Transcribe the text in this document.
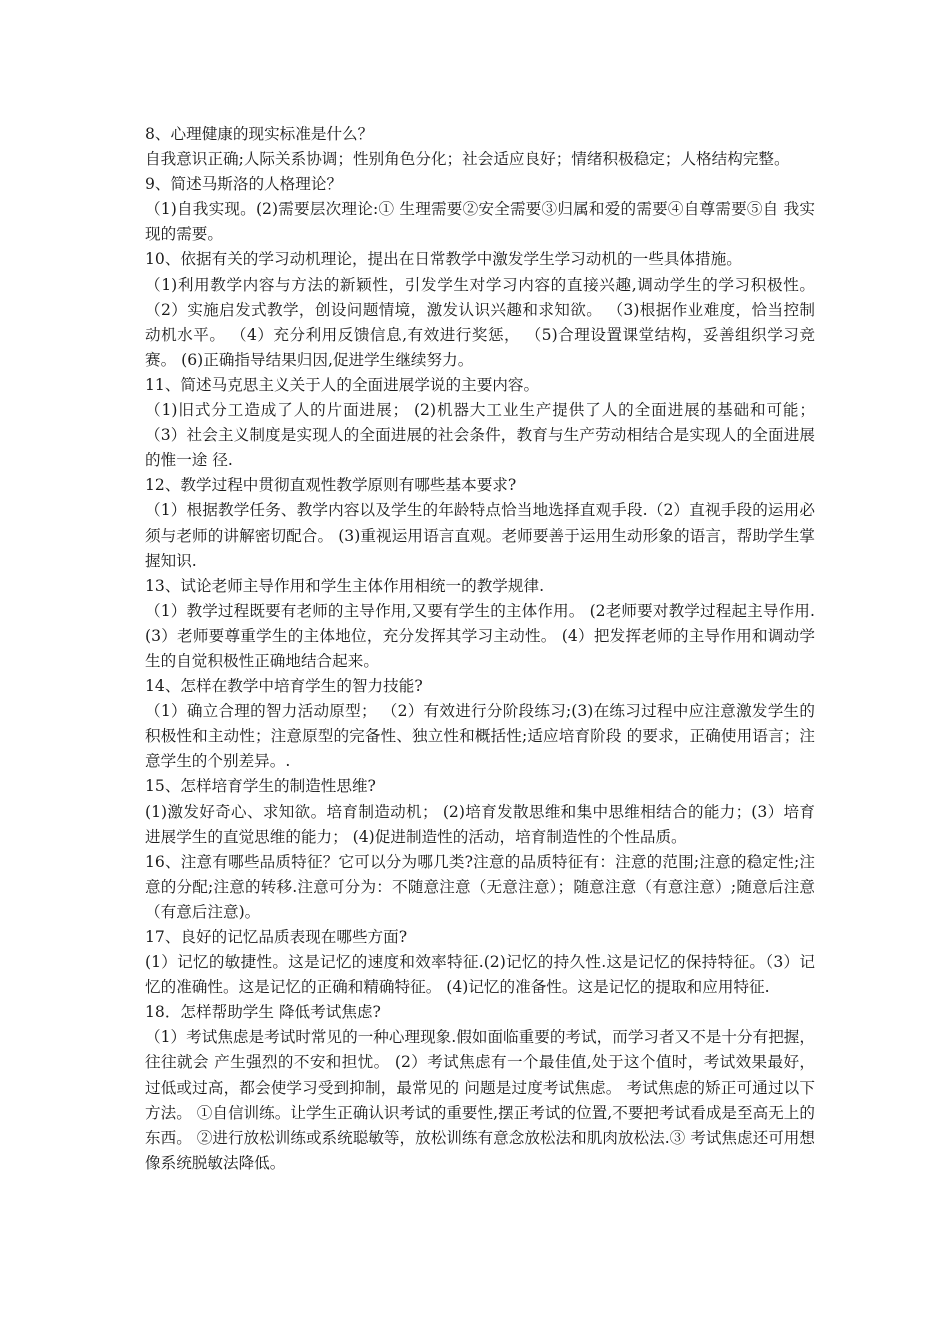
8、心理健康的现实标准是什么？

自我意识正确;人际关系协调；性别角色分化；社会适应良好；情绪积极稳定；人格结构完整。

9、简述马斯洛的人格理论？

（1)自我实现。(2)需要层次理论:① 生理需要②安全需要③归属和爱的需要④自尊需要⑤自 我实现的需要。

10、依据有关的学习动机理论，提出在日常教学中激发学生学习动机的一些具体措施。

（1)利用教学内容与方法的新颖性，引发学生对学习内容的直接兴趣,调动学生的学习积极性。 （2）实施启发式教学，创设问题情境，激发认识兴趣和求知欲。 （3)根据作业难度，恰当控制动机水平。 （4）充分利用反馈信息,有效进行奖惩， （5)合理设置课堂结构，妥善组织学习竞赛。 (6)正确指导结果归因,促进学生继续努力。

11、简述马克思主义关于人的全面进展学说的主要内容。

（1)旧式分工造成了人的片面进展； (2)机器大工业生产提供了人的全面进展的基础和可能； （3）社会主义制度是实现人的全面进展的社会条件，教育与生产劳动相结合是实现人的全面进展的惟一途 径.

12、教学过程中贯彻直观性教学原则有哪些基本要求?

（1）根据教学任务、教学内容以及学生的年龄特点恰当地选择直观手段.（2）直视手段的运用必须与老师的讲解密切配合。 (3)重视运用语言直观。老师要善于运用生动形象的语言，帮助学生掌握知识.

13、试论老师主导作用和学生主体作用相统一的教学规律.

（1）教学过程既要有老师的主导作用,又要有学生的主体作用。 (2老师要对教学过程起主导作用.(3）老师要尊重学生的主体地位，充分发挥其学习主动性。 (4）把发挥老师的主导作用和调动学生的自觉积极性正确地结合起来。

14、怎样在教学中培育学生的智力技能?

（1）确立合理的智力活动原型； （2）有效进行分阶段练习;(3)在练习过程中应注意激发学生的积极性和主动性；注意原型的完备性、独立性和概括性;适应培育阶段 的要求，正确使用语言；注意学生的个别差异。.

15、怎样培育学生的制造性思维?

(1)激发好奇心、求知欲。培育制造动机； (2)培育发散思维和集中思维相结合的能力；(3）培育进展学生的直觉思维的能力； (4)促进制造性的活动，培育制造性的个性品质。

16、注意有哪些品质特征？它可以分为哪几类?注意的品质特征有：注意的范围;注意的稳定性;注意的分配;注意的转移.注意可分为：不随意注意（无意注意）；随意注意（有意注意）;随意后注意（有意后注意)。

17、良好的记忆品质表现在哪些方面?

(1）记忆的敏捷性。这是记忆的速度和效率特征.(2)记忆的持久性.这是记忆的保持特征。（3）记忆的准确性。这是记忆的正确和精确特征。 (4)记忆的准备性。这是记忆的提取和应用特征.

18．怎样帮助学生 降低考试焦虑?

（1）考试焦虑是考试时常见的一种心理现象.假如面临重要的考试，而学习者又不是十分有把握，往往就会 产生强烈的不安和担忧。 (2）考试焦虑有一个最佳值,处于这个值时，考试效果最好，过低或过高，都会使学习受到抑制，最常见的 问题是过度考试焦虑。 考试焦虑的矫正可通过以下方法。 ①自信训练。让学生正确认识考试的重要性,摆正考试的位置,不要把考试看成是至高无上的东西。 ②进行放松训练或系统聪敏等，放松训练有意念放松法和肌肉放松法.③ 考试焦虑还可用想像系统脱敏法降低。
